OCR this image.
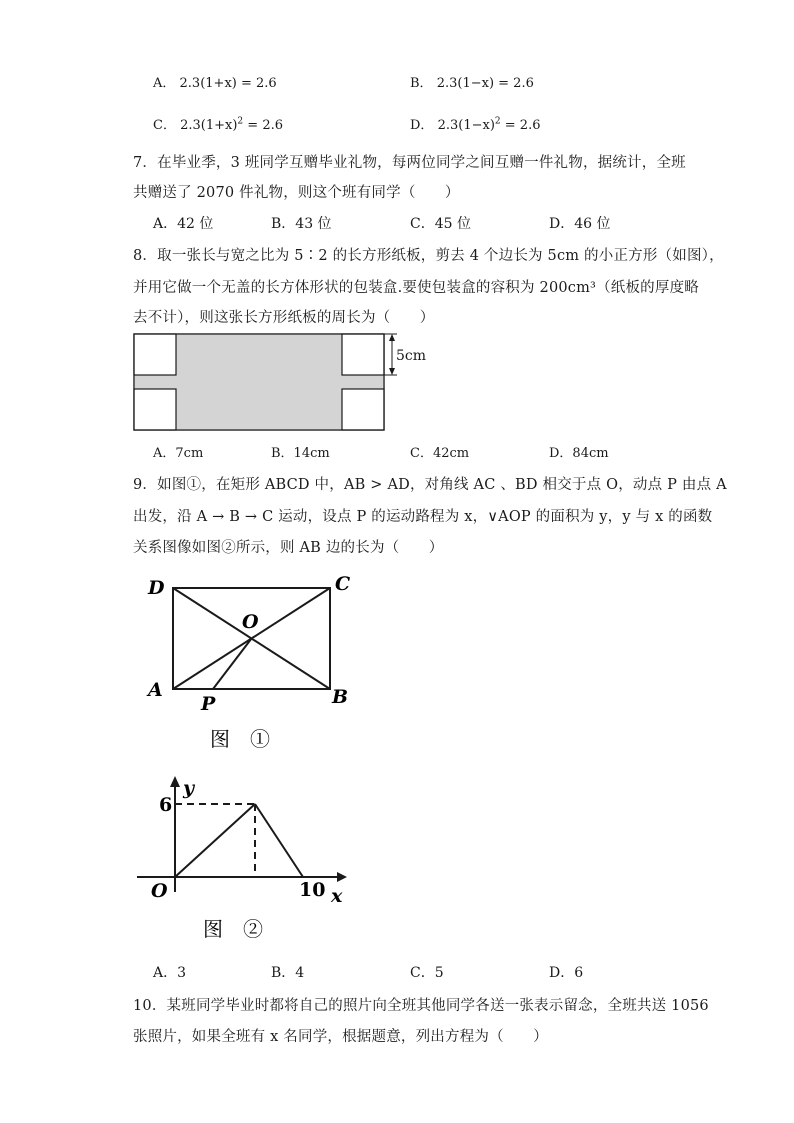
A． 2.3(1+x) = 2.6	B． 2.3(1−x) = 2.6
C． $2.3(1+x)^2 = 2.6$	D． $2.3(1-x)^2 = 2.6$
7．在毕业季，3 班同学互赠毕业礼物，每两位同学之间互赠一件礼物，据统计，全班
共赠送了 2070 件礼物，则这个班有同学（　　）
A．42 位	B．43 位	C．45 位	D．46 位
8．取一张长与宽之比为 5∶2 的长方形纸板，剪去 4 个边长为 5cm 的小正方形（如图），
并用它做一个无盖的长方体形状的包装盒.要使包装盒的容积为 200cm³（纸板的厚度略
去不计），则这张长方形纸板的周长为（　　）
5cm
A．7cm	B．14cm	C．42cm	D．84cm
9．如图①，在矩形 ABCD 中，AB > AD，对角线 AC 、BD 相交于点 O，动点 P 由点 A
出发，沿 A → B → C 运动，设点 P 的运动路程为 x，∨AOP 的面积为 y，y 与 x 的函数
关系图像如图②所示，则 AB 边的长为（　　）
D	C
O
A
P	B
图　①
y
6
O	10 x
图　②
A．3	B．4	C．5	D．6
10．某班同学毕业时都将自己的照片向全班其他同学各送一张表示留念，全班共送 1056
张照片，如果全班有 x 名同学，根据题意，列出方程为（　　）
